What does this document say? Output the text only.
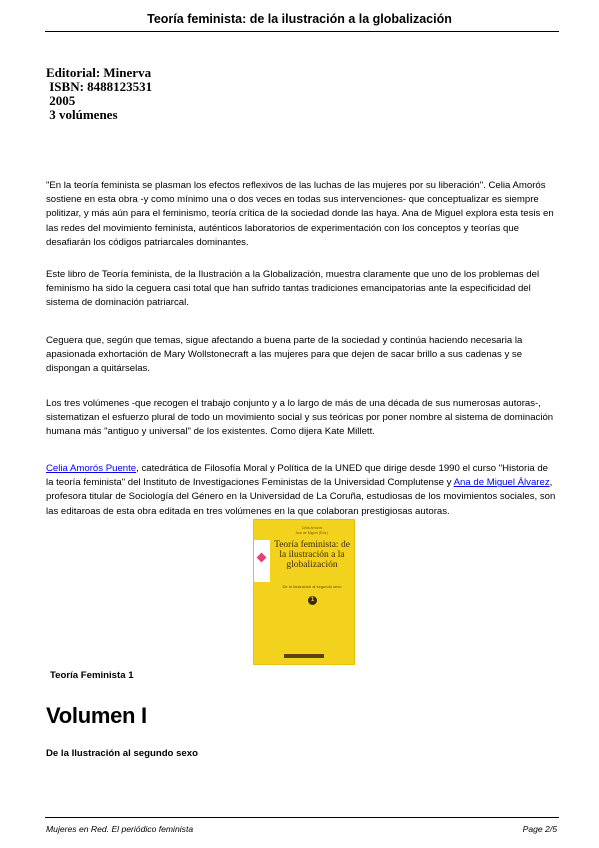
Teoría feminista: de la ilustración a la globalización
Editorial: Minerva
ISBN: 8488123531
2005
3 volúmenes

"En la teoría feminista se plasman los efectos reflexivos de las luchas de las mujeres por su liberación". Celia Amorós sostiene en esta obra -y como mínimo una o dos veces en todas sus intervenciones- que conceptualizar es siempre politizar, y más aún para el feminismo, teoría crítica de la sociedad donde las haya. Ana de Miguel explora esta tesis en las redes del movimiento feminista, auténticos laboratorios de experimentación con los conceptos y teorías que desafiarán los códigos patriarcales dominantes.

Este libro de Teoría feminista, de la Ilustración a la Globalización, muestra claramente que uno de los problemas del feminismo ha sido la ceguera casi total que han sufrido tantas tradiciones emancipatorias ante la especificidad del sistema de dominación patriarcal.

Ceguera que, según que temas, sigue afectando a buena parte de la sociedad y continúa haciendo necesaria la apasionada exhortación de Mary Wollstonecraft a las mujeres para que dejen de sacar brillo a sus cadenas y se dispongan a quitárselas.

Los tres volúmenes -que recogen el trabajo conjunto y a lo largo de más de una década de sus numerosas autoras-, sistematizan el esfuerzo plural de todo un movimiento social y sus teóricas por poner nombre al sistema de dominación humana más "antiguo y universal" de los existentes. Como dijera Kate Millett.

Celia Amorós Puente, catedrática de Filosofía Moral y Política de la UNED que dirige desde 1990 el curso "Historia de la teoría feminista" del Instituto de Investigaciones Feministas de la Universidad Complutense y Ana de Miguel Álvarez, profesora titular de Sociología del Género en la Universidad de La Coruña, estudiosas de los movimientos sociales, son las editaroas de esta obra editada en tres volúmenes en la que colaboran prestigiosas autoras.

Celia Amorós
Ana de Miguel (Eds.)
Teoría feminista: de la ilustración a la globalización
De la Ilustración al segundo sexo
1
Teoría Feminista 1
Volumen I
De la Ilustración al segundo sexo
Mujeres en Red. El periódico feminista	Page 2/5
